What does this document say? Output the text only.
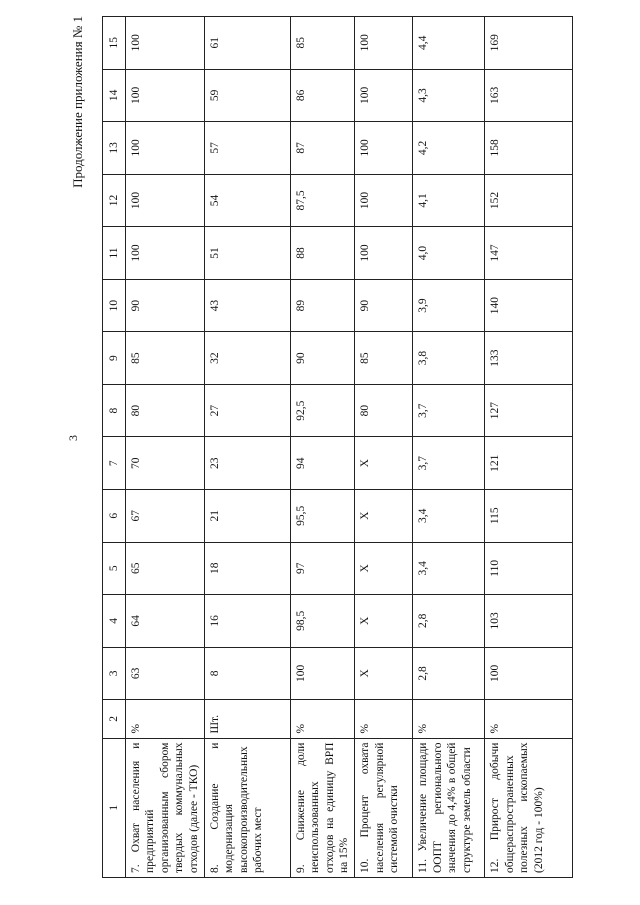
3
Продолжение приложения № 1
1	2	3	4	5	6	7	8	9	10	11	12	13	14	15
7. Охват населения и предприятий организованным сбором твердых коммунальных отходов (далее - ТКО)	%	63	64	65	67	70	80	85	90	100	100	100	100	100
8. Создание и модернизация высокопроизводительных рабочих мест	Шт.	8	16	18	21	23	27	32	43	51	54	57	59	61
9. Снижение доли неиспользованных отходов на единицу ВРП на 15%	%	100	98,5	97	95,5	94	92,5	90	89	88	87,5	87	86	85
10. Процент охвата населения регулярной системой очистки	%	Х	Х	Х	Х	Х	80	85	90	100	100	100	100	100
11. Увеличение площади ООПТ регионального значения до 4,4% в общей структуре земель области	%	2,8	2,8	3,4	3,4	3,7	3,7	3,8	3,9	4,0	4,1	4,2	4,3	4,4
12. Прирост добычи общераспространенных полезных ископаемых (2012 год - 100%)	%	100	103	110	115	121	127	133	140	147	152	158	163	169
